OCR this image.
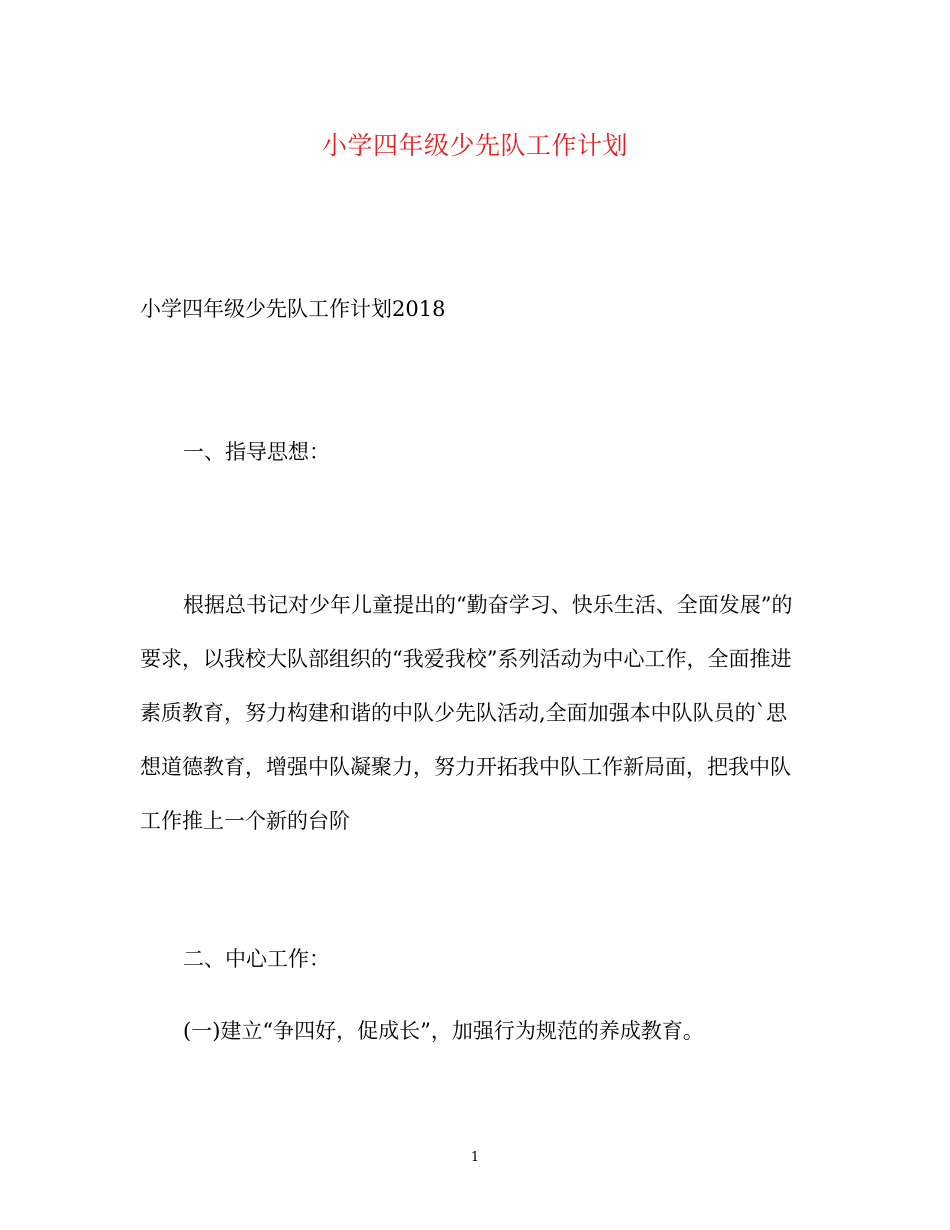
小学四年级少先队工作计划

小学四年级少先队工作计划2018

一、指导思想：

根据总书记对少年儿童提出的“勤奋学习、快乐生活、全面发展”的
要求，以我校大队部组织的“我爱我校”系列活动为中心工作，全面推进
素质教育，努力构建和谐的中队少先队活动,全面加强本中队队员的`思
想道德教育，增强中队凝聚力，努力开拓我中队工作新局面，把我中队
工作推上一个新的台阶

二、中心工作：

(一)建立“争四好，促成长”，加强行为规范的养成教育。

1
